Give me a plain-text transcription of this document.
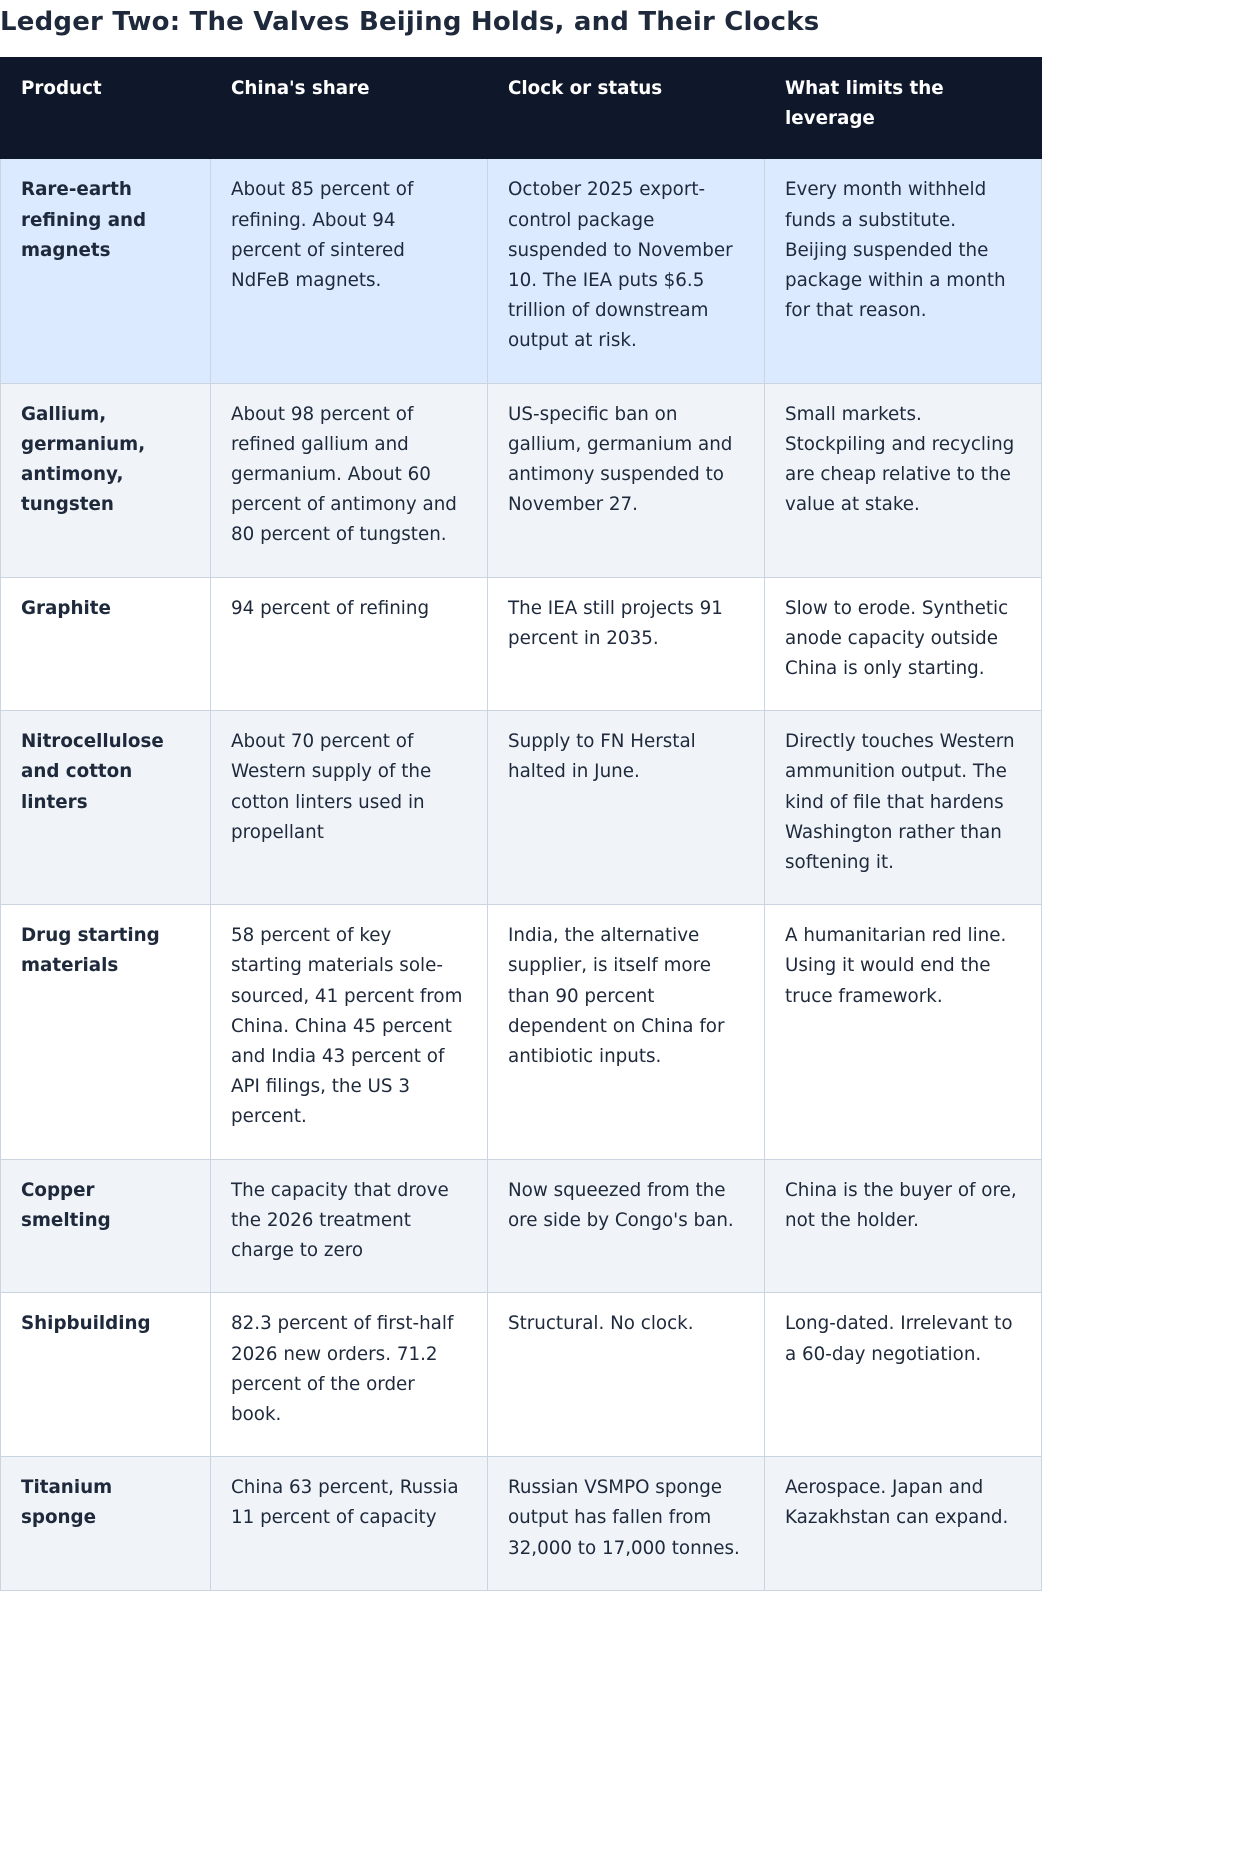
Ledger Two: The Valves Beijing Holds, and Their Clocks
Product	China's share	Clock or status	What limits the leverage
Rare-earth refining and magnets	About 85 percent of refining. About 94 percent of sintered NdFeB magnets.	October 2025 export-control package suspended to November 10. The IEA puts $6.5 trillion of downstream output at risk.	Every month withheld funds a substitute. Beijing suspended the package within a month for that reason.
Gallium, germanium, antimony, tungsten	About 98 percent of refined gallium and germanium. About 60 percent of antimony and 80 percent of tungsten.	US-specific ban on gallium, germanium and antimony suspended to November 27.	Small markets. Stockpiling and recycling are cheap relative to the value at stake.
Graphite	94 percent of refining	The IEA still projects 91 percent in 2035.	Slow to erode. Synthetic anode capacity outside China is only starting.
Nitrocellulose and cotton linters	About 70 percent of Western supply of the cotton linters used in propellant	Supply to FN Herstal halted in June.	Directly touches Western ammunition output. The kind of file that hardens Washington rather than softening it.
Drug starting materials	58 percent of key starting materials sole-sourced, 41 percent from China. China 45 percent and India 43 percent of API filings, the US 3 percent.	India, the alternative supplier, is itself more than 90 percent dependent on China for antibiotic inputs.	A humanitarian red line. Using it would end the truce framework.
Copper smelting	The capacity that drove the 2026 treatment charge to zero	Now squeezed from the ore side by Congo's ban.	China is the buyer of ore, not the holder.
Shipbuilding	82.3 percent of first-half 2026 new orders. 71.2 percent of the order book.	Structural. No clock.	Long-dated. Irrelevant to a 60-day negotiation.
Titanium sponge	China 63 percent, Russia 11 percent of capacity	Russian VSMPO sponge output has fallen from 32,000 to 17,000 tonnes.	Aerospace. Japan and Kazakhstan can expand.
